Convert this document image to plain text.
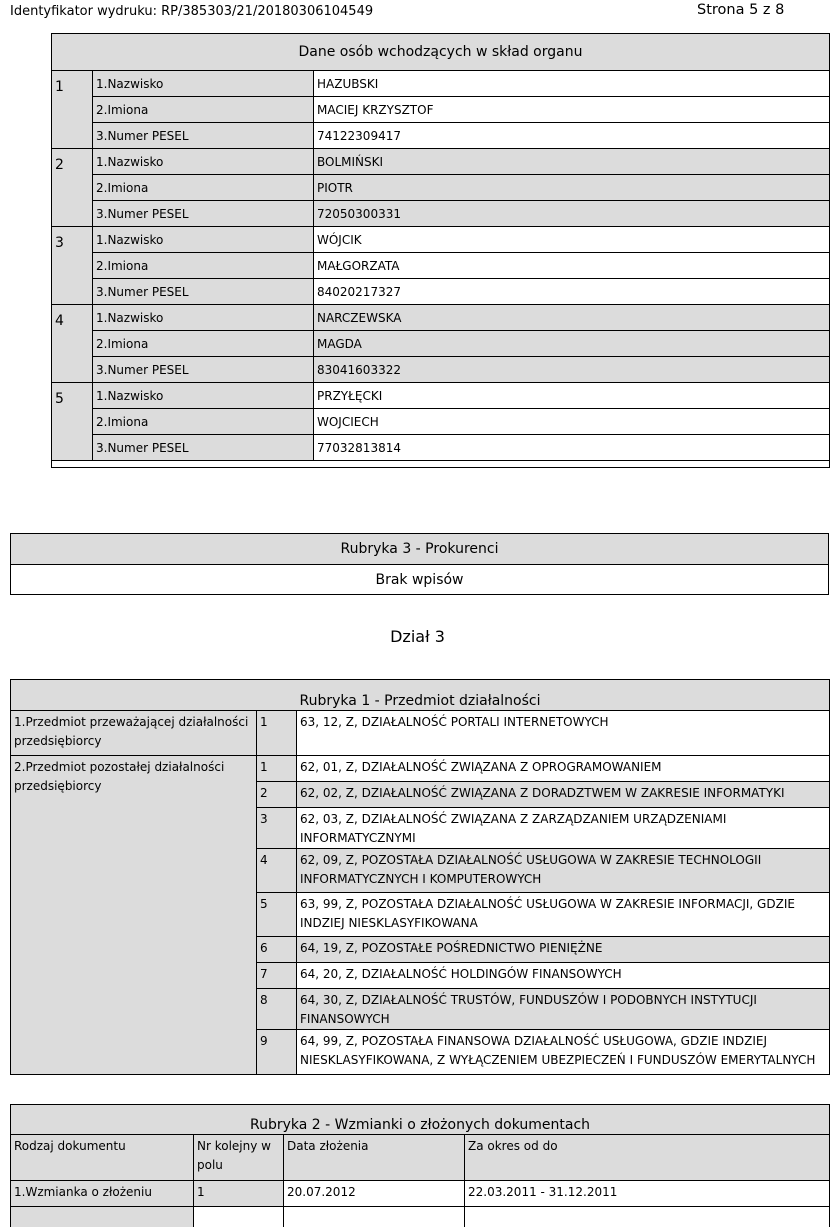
Identyfikator wydruku: RP/385303/21/20180306104549	Strona 5 z 8
Dane osób wchodzących w skład organu		
1	1.Nazwisko	HAZUBSKI
	2.Imiona	MACIEJ KRZYSZTOF
	3.Numer PESEL	74122309417
2	1.Nazwisko	BOLMIŃSKI
	2.Imiona	PIOTR
	3.Numer PESEL	72050300331
3	1.Nazwisko	WÓJCIK
	2.Imiona	MAŁGORZATA
	3.Numer PESEL	84020217327
4	1.Nazwisko	NARCZEWSKA
	2.Imiona	MAGDA
	3.Numer PESEL	83041603322
5	1.Nazwisko	PRZYŁĘCKI
	2.Imiona	WOJCIECH
	3.Numer PESEL	77032813814

Rubryka 3 - Prokurenci
Brak wpisów
Dział 3
Rubryka 1 - Przedmiot działalności		
1.Przedmiot przeważającej działalności przedsiębiorcy	1	63, 12, Z, DZIAŁALNOŚĆ PORTALI INTERNETOWYCH
2.Przedmiot pozostałej działalności przedsiębiorcy	1	62, 01, Z, DZIAŁALNOŚĆ ZWIĄZANA Z OPROGRAMOWANIEM
	2	62, 02, Z, DZIAŁALNOŚĆ ZWIĄZANA Z DORADZTWEM W ZAKRESIE INFORMATYKI
	3	62, 03, Z, DZIAŁALNOŚĆ ZWIĄZANA Z ZARZĄDZANIEM URZĄDZENIAMI INFORMATYCZNYMI
	4	62, 09, Z, POZOSTAŁA DZIAŁALNOŚĆ USŁUGOWA W ZAKRESIE TECHNOLOGII INFORMATYCZNYCH I KOMPUTEROWYCH
	5	63, 99, Z, POZOSTAŁA DZIAŁALNOŚĆ USŁUGOWA W ZAKRESIE INFORMACJI, GDZIE INDZIEJ NIESKLASYFIKOWANA
	6	64, 19, Z, POZOSTAŁE POŚREDNICTWO PIENIĘŻNE
	7	64, 20, Z, DZIAŁALNOŚĆ HOLDINGÓW FINANSOWYCH
	8	64, 30, Z, DZIAŁALNOŚĆ TRUSTÓW, FUNDUSZÓW I PODOBNYCH INSTYTUCJI FINANSOWYCH
	9	64, 99, Z, POZOSTAŁA FINANSOWA DZIAŁALNOŚĆ USŁUGOWA, GDZIE INDZIEJ NIESKLASYFIKOWANA, Z WYŁĄCZENIEM UBEZPIECZEŃ I FUNDUSZÓW EMERYTALNYCH
Rubryka 2 - Wzmianki o złożonych dokumentach			
Rodzaj dokumentu	Nr kolejny w polu	Data złożenia	Za okres od do
1.Wzmianka o złożeniu	1	20.07.2012	22.03.2011 - 31.12.2011
